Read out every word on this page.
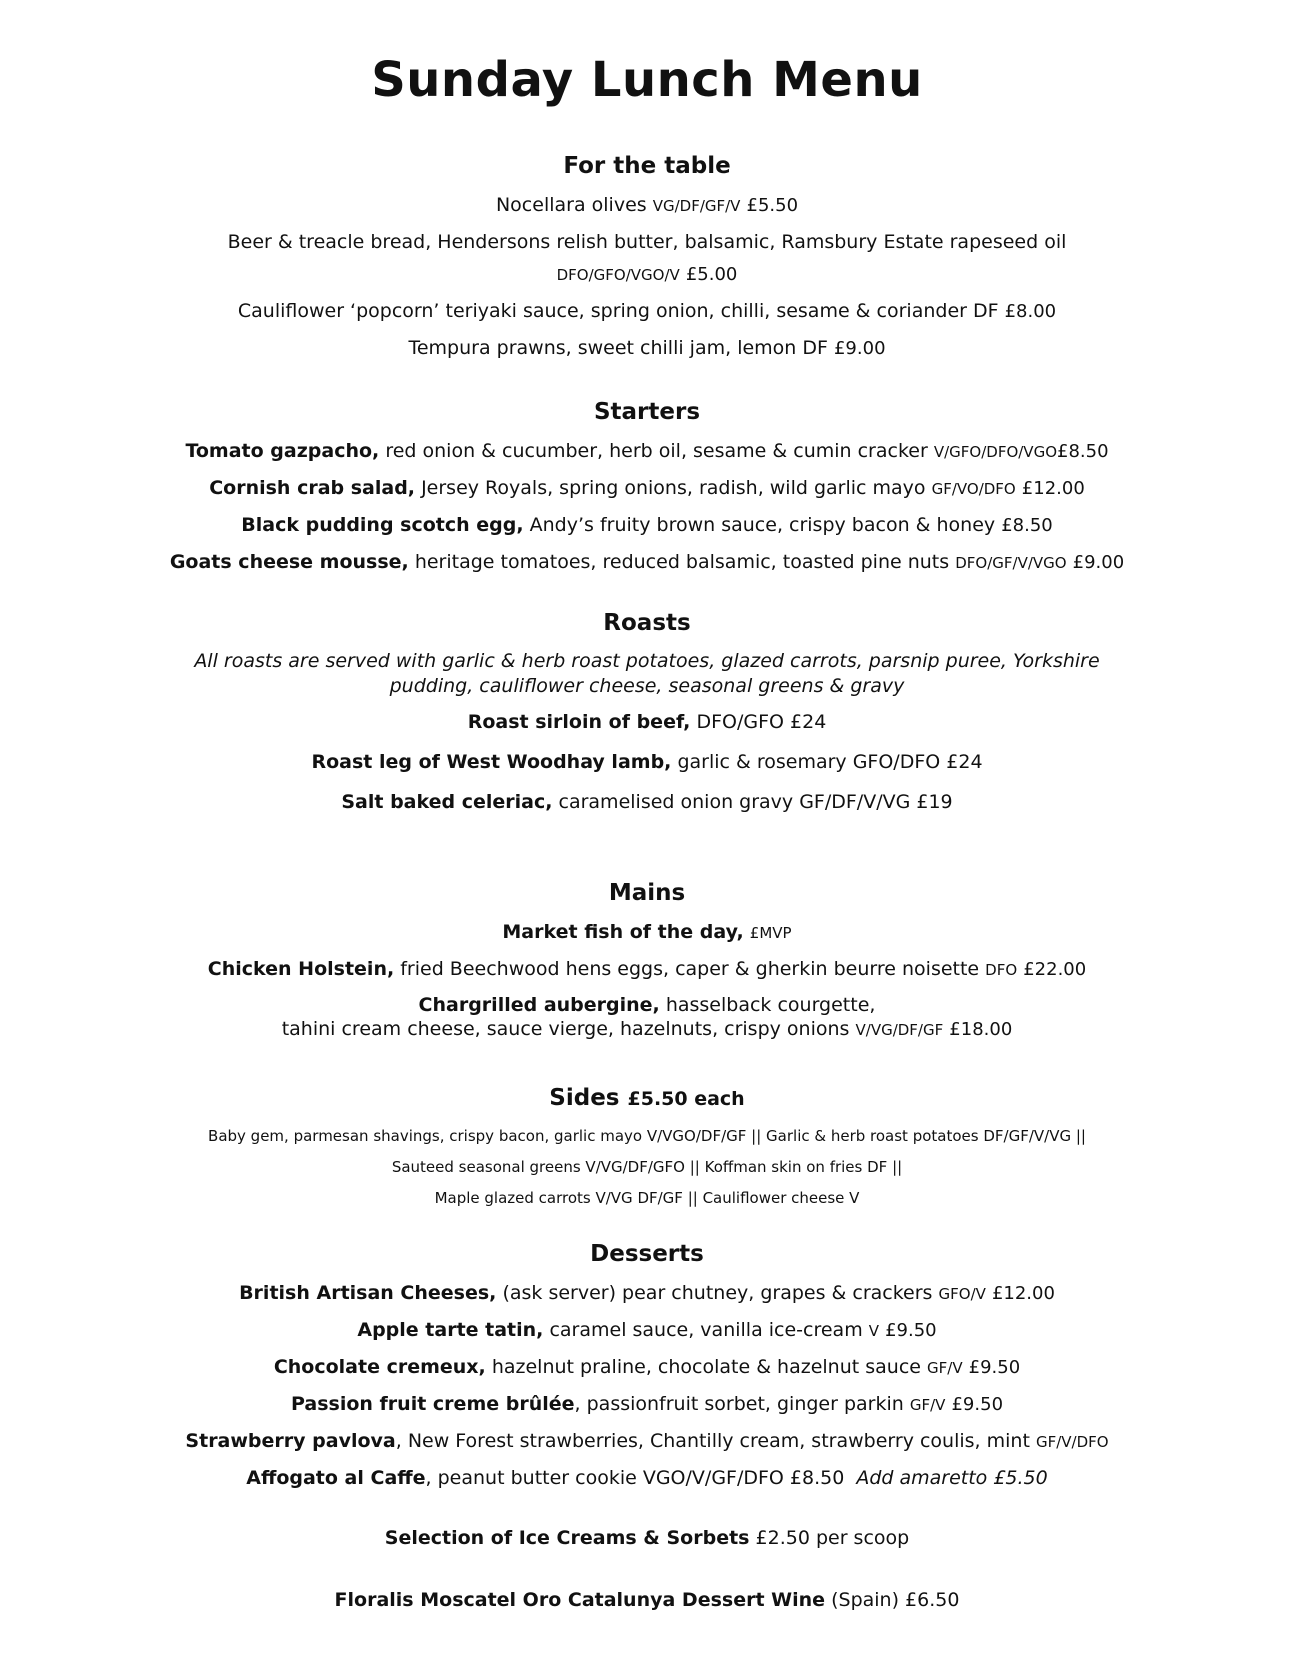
Sunday Lunch Menu
For the table
Nocellara olives VG/DF/GF/V £5.50
Beer & treacle bread, Hendersons relish butter, balsamic, Ramsbury Estate rapeseed oil
DFO/GFO/VGO/V £5.00
Cauliflower ‘popcorn’ teriyaki sauce, spring onion, chilli, sesame & coriander DF £8.00
Tempura prawns, sweet chilli jam, lemon DF £9.00
Starters
Tomato gazpacho, red onion & cucumber, herb oil, sesame & cumin cracker V/GFO/DFO/VGO£8.50
Cornish crab salad, Jersey Royals, spring onions, radish, wild garlic mayo GF/VO/DFO £12.00
Black pudding scotch egg, Andy’s fruity brown sauce, crispy bacon & honey £8.50
Goats cheese mousse, heritage tomatoes, reduced balsamic, toasted pine nuts DFO/GF/V/VGO £9.00
Roasts
All roasts are served with garlic & herb roast potatoes, glazed carrots, parsnip puree, Yorkshire
pudding, cauliflower cheese, seasonal greens & gravy
Roast sirloin of beef, DFO/GFO £24
Roast leg of West Woodhay lamb, garlic & rosemary GFO/DFO £24
Salt baked celeriac, caramelised onion gravy GF/DF/V/VG £19
Mains
Market fish of the day, £MVP
Chicken Holstein, fried Beechwood hens eggs, caper & gherkin beurre noisette DFO £22.00
Chargrilled aubergine, hasselback courgette,
tahini cream cheese, sauce vierge, hazelnuts, crispy onions V/VG/DF/GF £18.00
Sides £5.50 each
Baby gem, parmesan shavings, crispy bacon, garlic mayo V/VGO/DF/GF || Garlic & herb roast potatoes DF/GF/V/VG ||
Sauteed seasonal greens V/VG/DF/GFO || Koffman skin on fries DF ||
Maple glazed carrots V/VG DF/GF || Cauliflower cheese V
Desserts
British Artisan Cheeses, (ask server) pear chutney, grapes & crackers GFO/V £12.00
Apple tarte tatin, caramel sauce, vanilla ice-cream V £9.50
Chocolate cremeux, hazelnut praline, chocolate & hazelnut sauce GF/V £9.50
Passion fruit creme brûlée, passionfruit sorbet, ginger parkin GF/V £9.50
Strawberry pavlova, New Forest strawberries, Chantilly cream, strawberry coulis, mint GF/V/DFO
Affogato al Caffe, peanut butter cookie VGO/V/GF/DFO £8.50 Add amaretto £5.50
Selection of Ice Creams & Sorbets £2.50 per scoop
Floralis Moscatel Oro Catalunya Dessert Wine (Spain) £6.50
